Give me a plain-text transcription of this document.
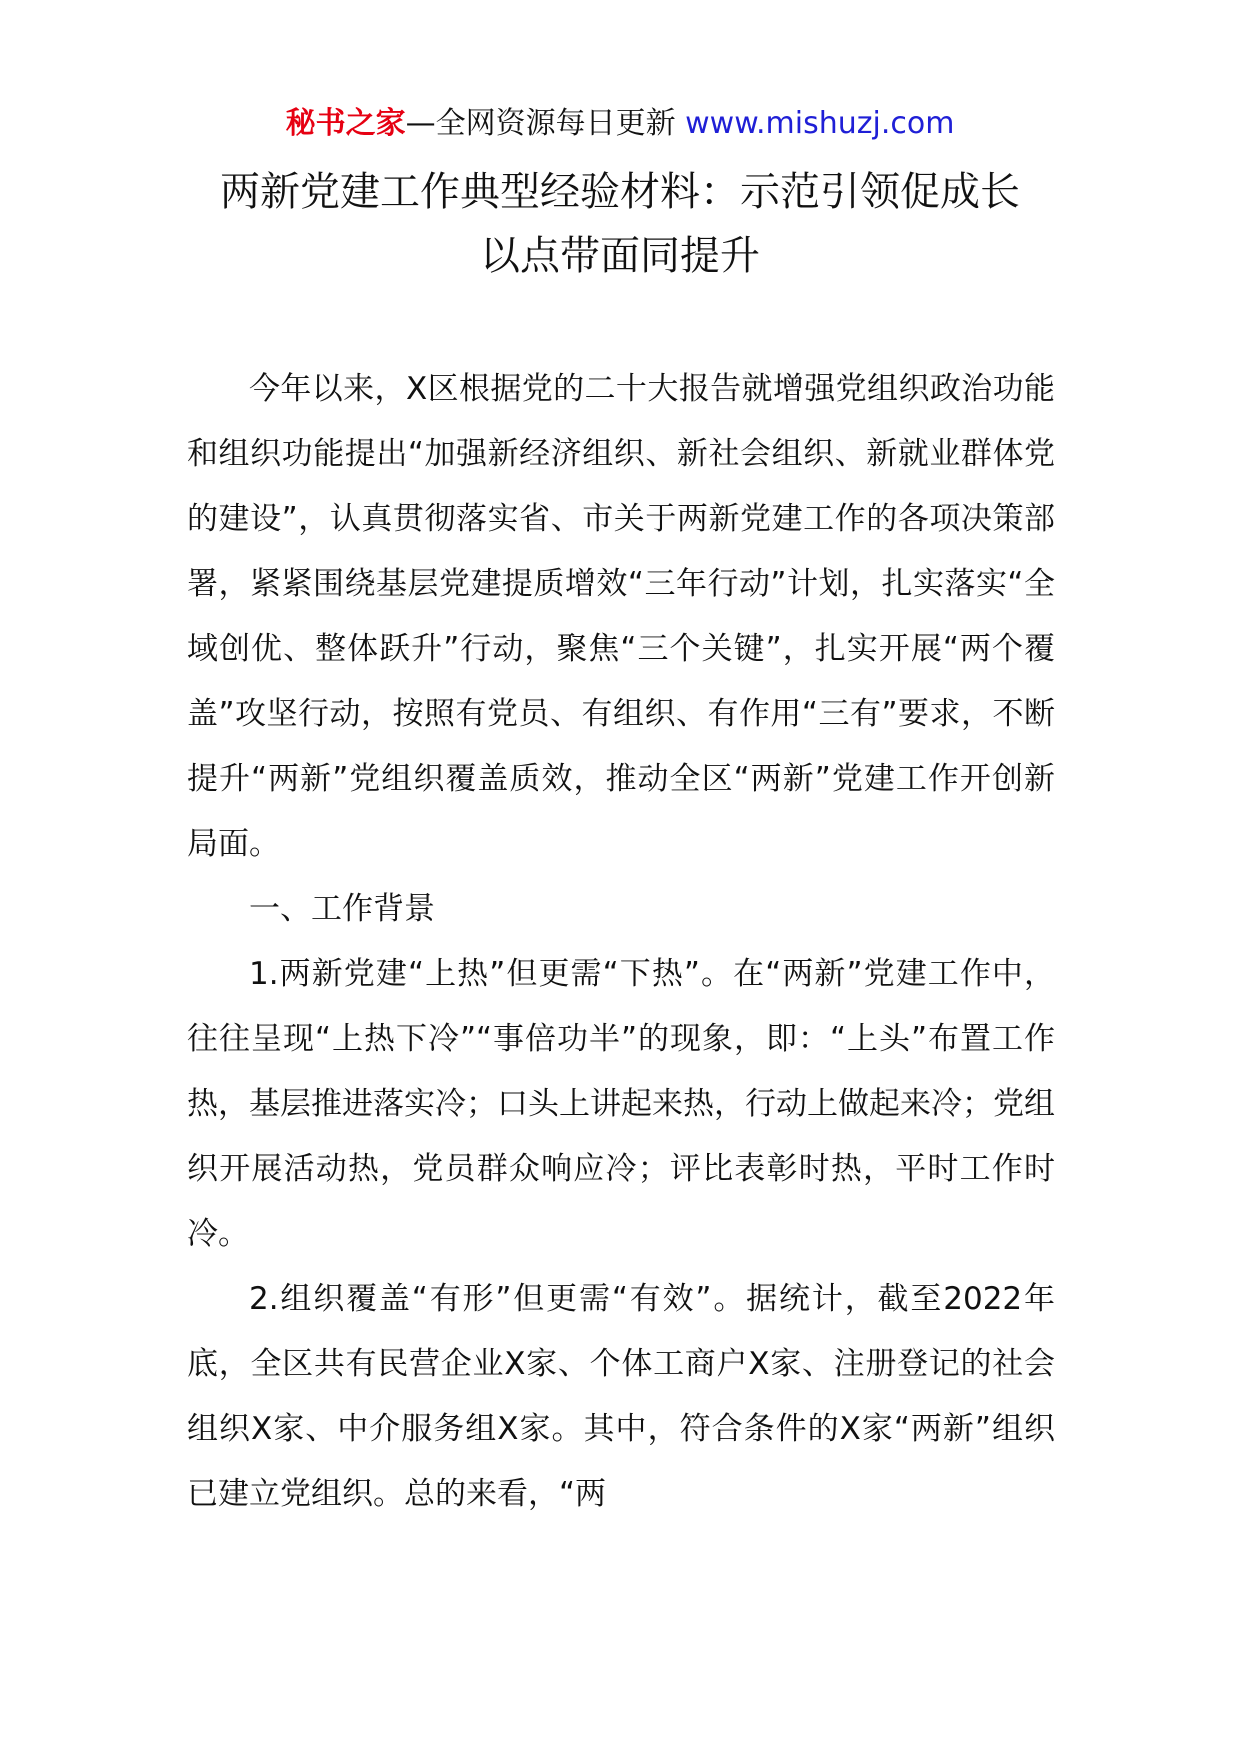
秘书之家—全网资源每日更新 www.mishuzj.com
两新党建工作典型经验材料：示范引领促成长
以点带面同提升

今年以来，X区根据党的二十大报告就增强党组织政治功能和组织功能提出“加强新经济组织、新社会组织、新就业群体党的建设”，认真贯彻落实省、市关于两新党建工作的各项决策部署，紧紧围绕基层党建提质增效“三年行动”计划，扎实落实“全域创优、整体跃升”行动，聚焦“三个关键”，扎实开展“两个覆盖”攻坚行动，按照有党员、有组织、有作用“三有”要求，不断提升“两新”党组织覆盖质效，推动全区“两新”党建工作开创新局面。

一、工作背景

1.两新党建“上热”但更需“下热”。在“两新”党建工作中，往往呈现“上热下冷”“事倍功半”的现象，即：“上头”布置工作热，基层推进落实冷；口头上讲起来热，行动上做起来冷；党组织开展活动热，党员群众响应冷；评比表彰时热，平时工作时冷。

2.组织覆盖“有形”但更需“有效”。据统计，截至2022年底，全区共有民营企业X家、个体工商户X家、注册登记的社会组织X家、中介服务组X家。其中，符合条件的X家“两新”组织已建立党组织。总的来看，“两
